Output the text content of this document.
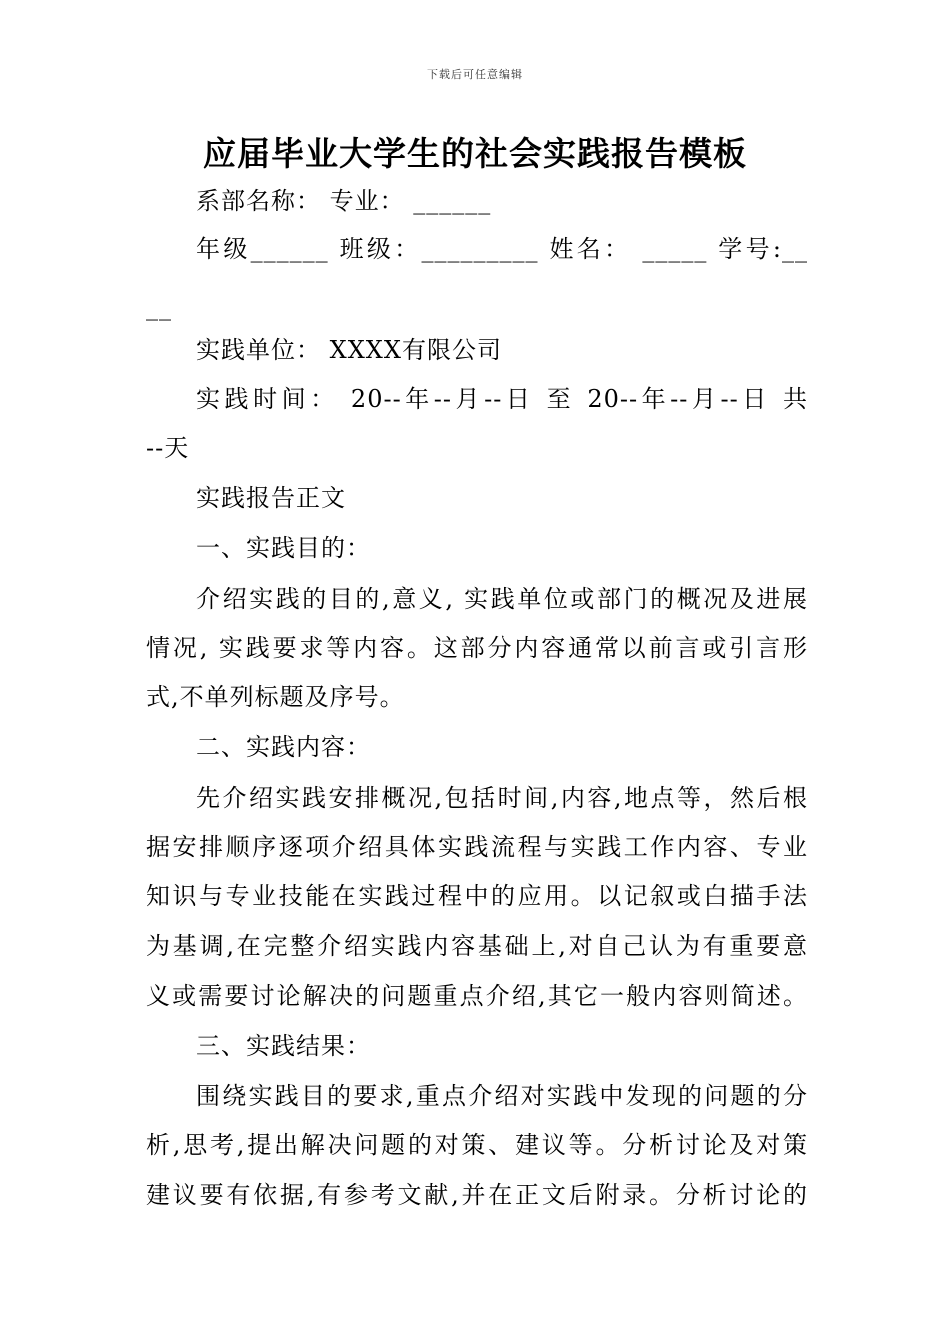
下载后可任意编辑
应届毕业大学生的社会实践报告模板
系部名称： 专业： ______
年级______ 班级：_________ 姓名： _____ 学号:__
__
实践单位： XXXX有限公司
实践时间： 20--年--月--日 至 20--年--月--日 共
--天
实践报告正文
一、实践目的：
介绍实践的目的,意义, 实践单位或部门的概况及进展
情况, 实践要求等内容。这部分内容通常以前言或引言形
式,不单列标题及序号。
二、实践内容：
先介绍实践安排概况,包括时间,内容,地点等，然后根
据安排顺序逐项介绍具体实践流程与实践工作内容、专业
知识与专业技能在实践过程中的应用。以记叙或白描手法
为基调,在完整介绍实践内容基础上,对自己认为有重要意
义或需要讨论解决的问题重点介绍,其它一般内容则简述。
三、实践结果：
围绕实践目的要求,重点介绍对实践中发现的问题的分
析,思考,提出解决问题的对策、建议等。分析讨论及对策
建议要有依据,有参考文献,并在正文后附录。分析讨论的
